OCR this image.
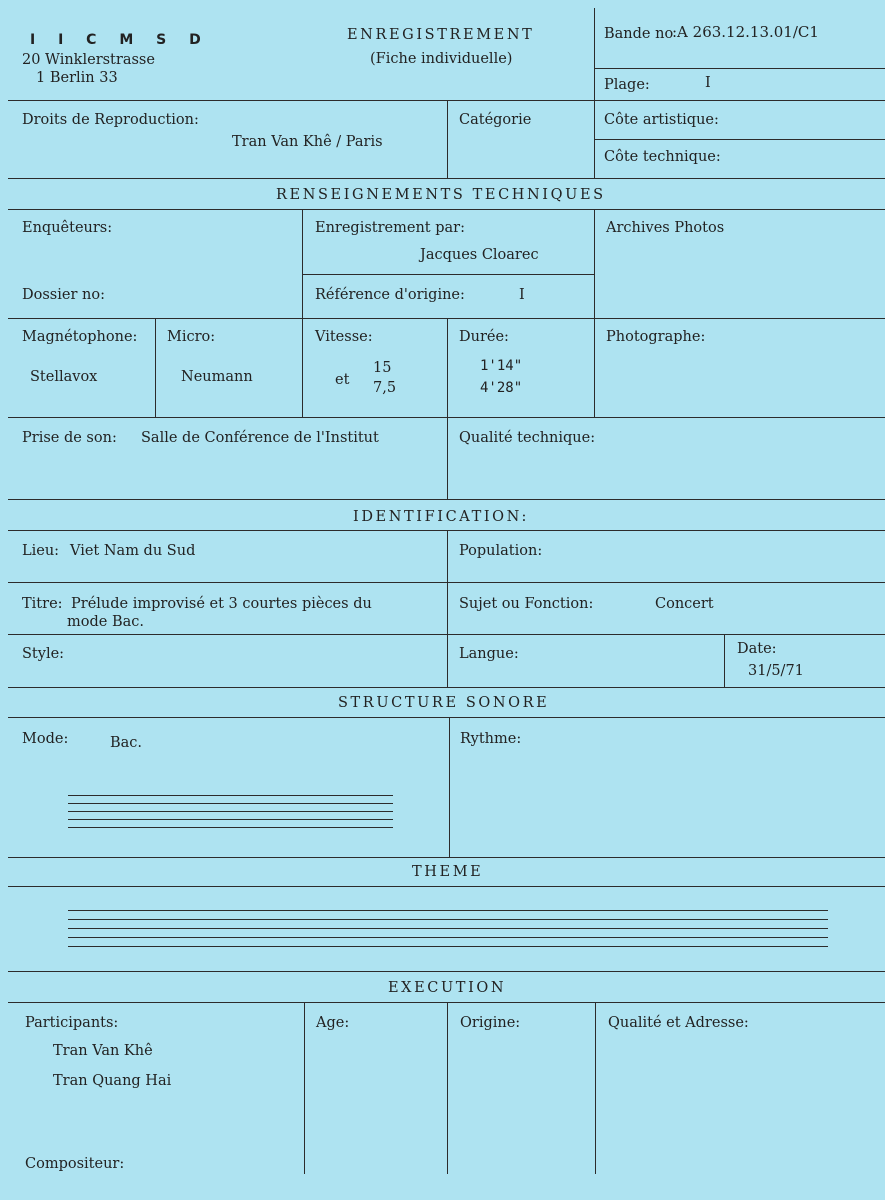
I I C M S D
20 Winklerstrasse
1 Berlin 33
ENREGISTREMENT
(Fiche individuelle)
Bande no
:A 263.12.13.01/C1
Plage:	I
Droits de Reproduction:
Tran Van Khê / Paris
Catégorie	Côte artistique:
Côte technique:
RENSEIGNEMENTS TECHNIQUES
Enquêteurs:	Enregistrement par:
Jacques Cloarec
Archives Photos
Dossier no:	Référence d'origine:	I
Magnétophone:
Stellavox
Micro:
Neumann
Vitesse:
et
15
7,5
Durée:
1'14"
4'28"
Photographe:
Prise de son: Salle de Conférence de l'Institut	Qualité technique:
IDENTIFICATION:
Lieu: Viet Nam du Sud	Population:
Titre: Prélude improvisé et 3 courtes pièces du
mode Bac.
Sujet ou Fonction:	Concert
Style:	Langue:	Date:
31/5/71
STRUCTURE SONORE
Mode:	Bac.	Rythme:
THEME
EXECUTION
Participants:
Tran Van Khê
Tran Quang Hai
Age:	Origine:	Qualité et Adresse:
Compositeur:
